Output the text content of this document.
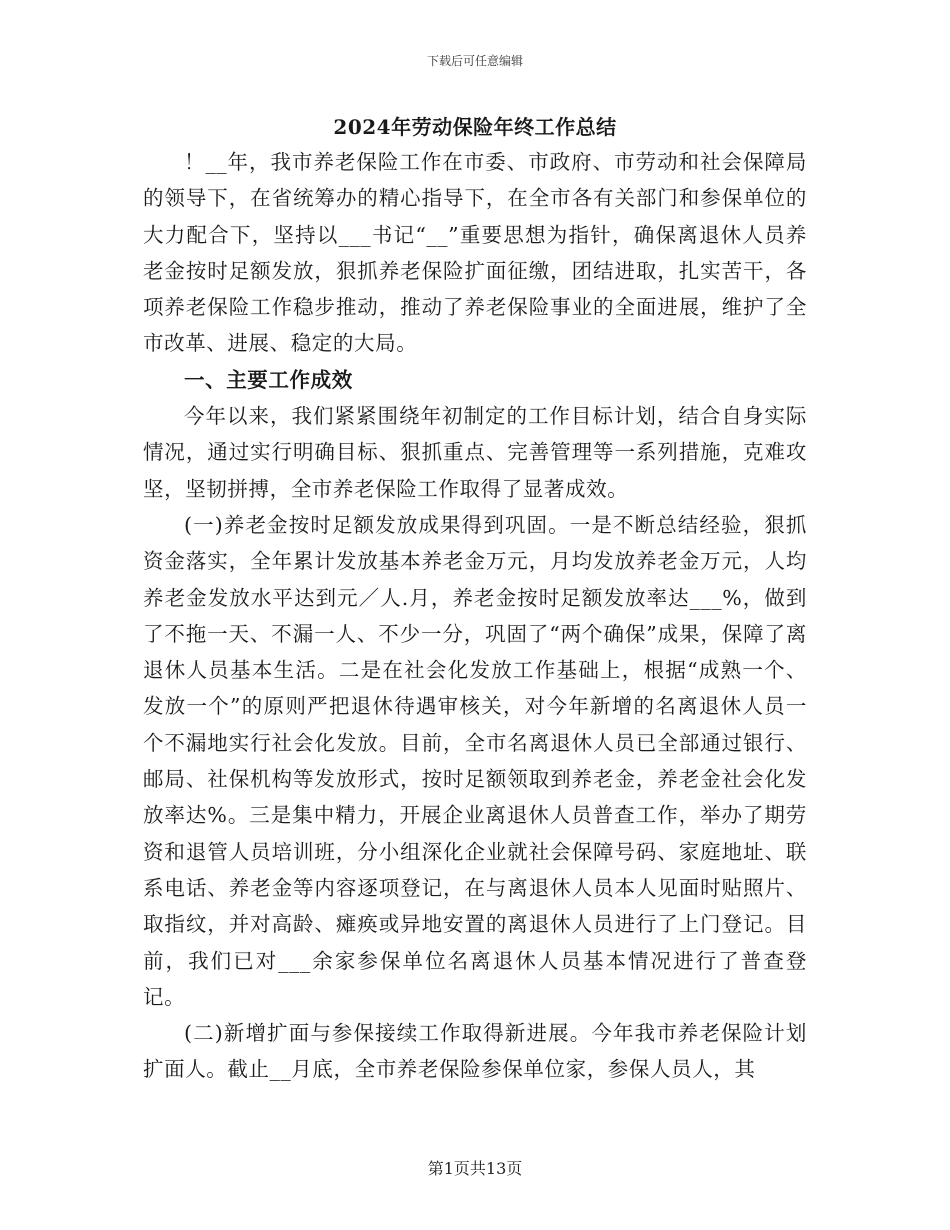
下载后可任意编辑
2024年劳动保险年终工作总结

！__年，我市养老保险工作在市委、市政府、市劳动和社会保障局的领导下，在省统筹办的精心指导下，在全市各有关部门和参保单位的大力配合下，坚持以___书记“__”重要思想为指针，确保离退休人员养老金按时足额发放，狠抓养老保险扩面征缴，团结进取，扎实苦干，各项养老保险工作稳步推动，推动了养老保险事业的全面进展，维护了全市改革、进展、稳定的大局。

一、主要工作成效

今年以来，我们紧紧围绕年初制定的工作目标计划，结合自身实际情况，通过实行明确目标、狠抓重点、完善管理等一系列措施，克难攻坚，坚韧拼搏，全市养老保险工作取得了显著成效。

(一)养老金按时足额发放成果得到巩固。一是不断总结经验，狠抓资金落实，全年累计发放基本养老金万元，月均发放养老金万元，人均养老金发放水平达到元／人.月，养老金按时足额发放率达___%，做到了不拖一天、不漏一人、不少一分，巩固了“两个确保”成果，保障了离退休人员基本生活。二是在社会化发放工作基础上，根据“成熟一个、发放一个”的原则严把退休待遇审核关，对今年新增的名离退休人员一个不漏地实行社会化发放。目前，全市名离退休人员已全部通过银行、邮局、社保机构等发放形式，按时足额领取到养老金，养老金社会化发放率达%。三是集中精力，开展企业离退休人员普查工作，举办了期劳资和退管人员培训班，分小组深化企业就社会保障号码、家庭地址、联系电话、养老金等内容逐项登记，在与离退休人员本人见面时贴照片、取指纹，并对高龄、瘫痪或异地安置的离退休人员进行了上门登记。目前，我们已对___余家参保单位名离退休人员基本情况进行了普查登记。

(二)新增扩面与参保接续工作取得新进展。今年我市养老保险计划扩面人。截止__月底，全市养老保险参保单位家，参保人员人，其

第1页共13页
